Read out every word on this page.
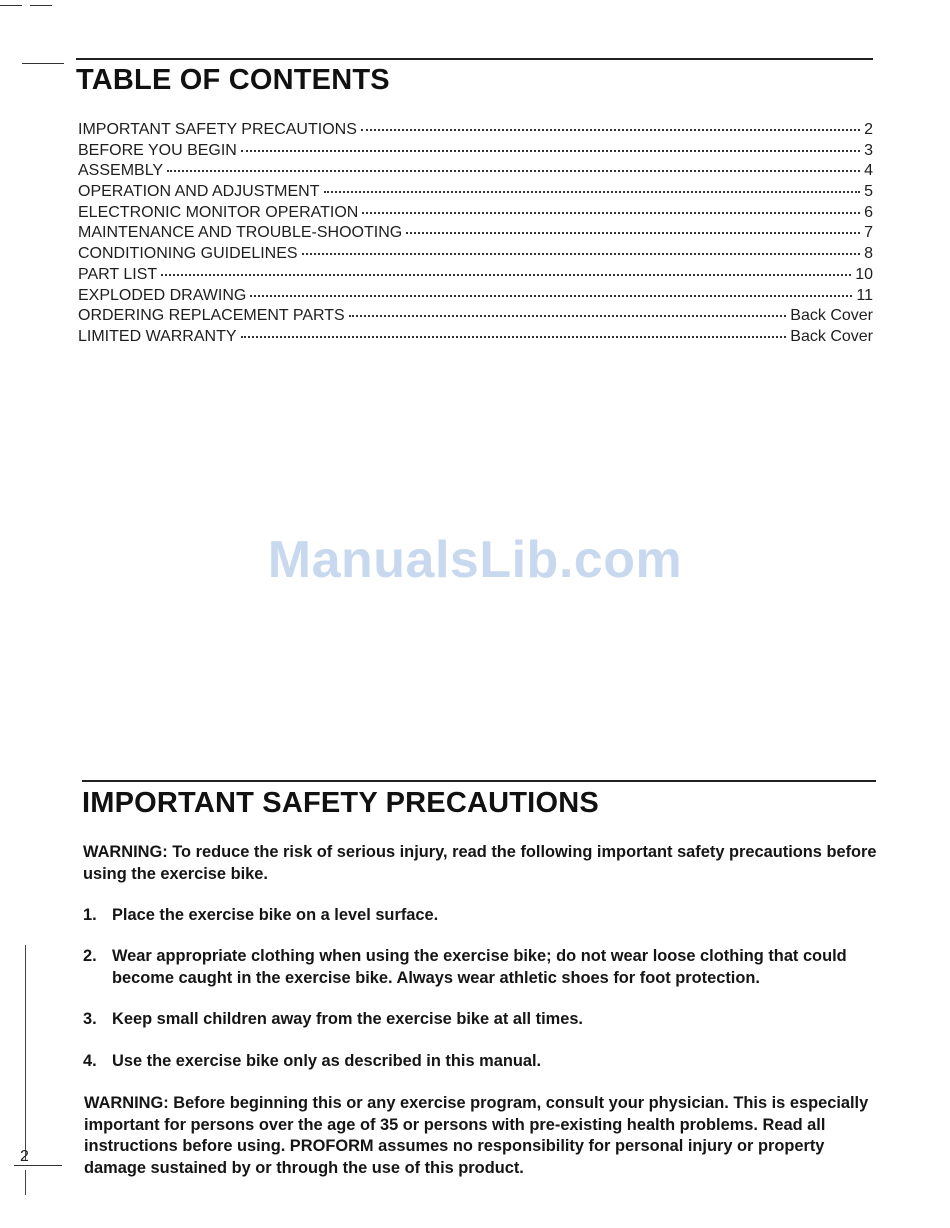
TABLE OF CONTENTS
IMPORTANT SAFETY PRECAUTIONS	2
BEFORE YOU BEGIN	3
ASSEMBLY	4
OPERATION AND ADJUSTMENT	5
ELECTRONIC MONITOR OPERATION	6
MAINTENANCE AND TROUBLE-SHOOTING	7
CONDITIONING GUIDELINES	8
PART LIST	10
EXPLODED DRAWING	11
ORDERING REPLACEMENT PARTS	Back Cover
LIMITED WARRANTY	Back Cover
ManualsLib.com
IMPORTANT SAFETY PRECAUTIONS

WARNING: To reduce the risk of serious injury, read the following important safety precautions before using the exercise bike.

1. Place the exercise bike on a level surface.
2. Wear appropriate clothing when using the exercise bike; do not wear loose clothing that could become caught in the exercise bike. Always wear athletic shoes for foot protection.
3. Keep small children away from the exercise bike at all times.
4. Use the exercise bike only as described in this manual.

WARNING: Before beginning this or any exercise program, consult your physician. This is especially important for persons over the age of 35 or persons with pre-existing health problems. Read all instructions before using. PROFORM assumes no responsibility for personal injury or property damage sustained by or through the use of this product.

2
